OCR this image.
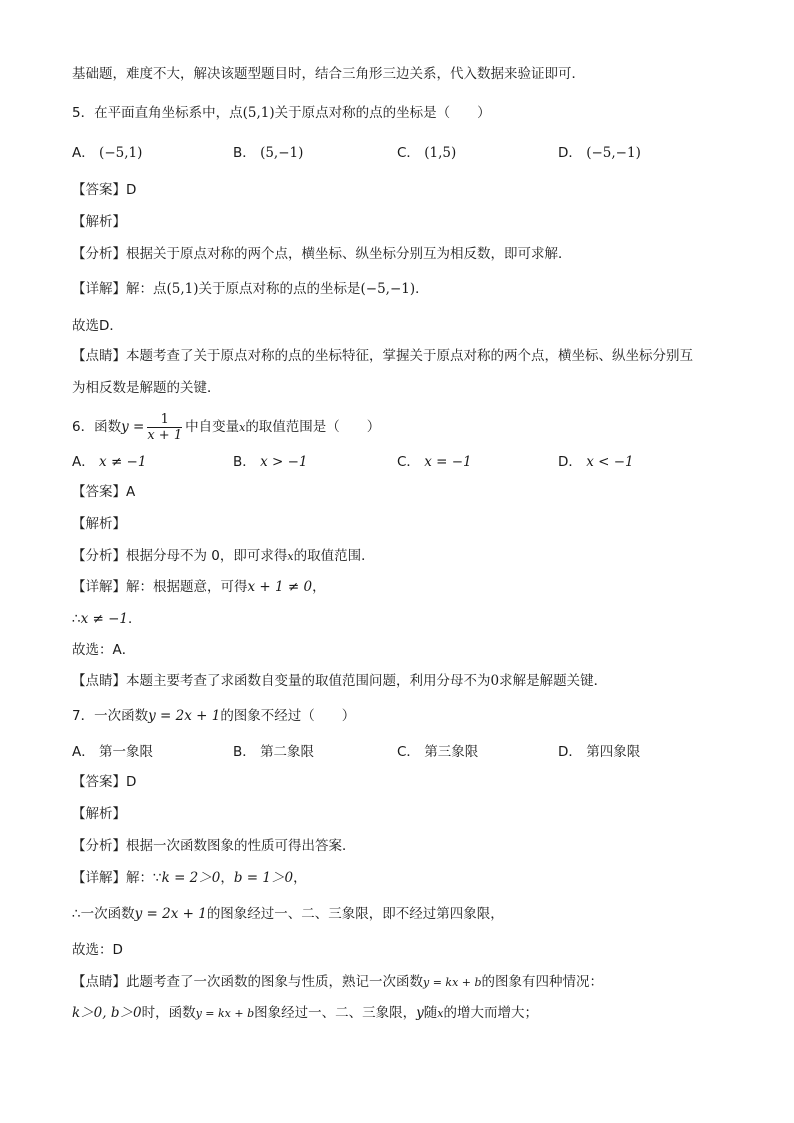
基础题，难度不大，解决该题型题目时，结合三角形三边关系，代入数据来验证即可．
5．在平面直角坐标系中，点(5,1)关于原点对称的点的坐标是（　　）
A． (−5,1)	B． (5,−1)	C． (1,5)	D． (−5,−1)
【答案】D
【解析】
【分析】根据关于原点对称的两个点，横坐标、纵坐标分别互为相反数，即可求解．
【详解】解：点(5,1)关于原点对称的点的坐标是(−5,−1)．
故选D．
【点睛】本题考查了关于原点对称的点的坐标特征，掌握关于原点对称的两个点，横坐标、纵坐标分别互
为相反数是解题的关键．
6．函数$y = \frac{1}{x + 1}$ 中自变量x的取值范围是（　　）
A． x ≠ −1	B． x > −1	C． x = −1	D． x < −1
【答案】A
【解析】
【分析】根据分母不为 0，即可求得x的取值范围．
【详解】解：根据题意，可得x + 1 ≠ 0，
∴x ≠ −1．
故选：A．
【点睛】本题主要考查了求函数自变量的取值范围问题，利用分母不为0求解是解题关键．
7．一次函数y = 2x + 1的图象不经过（　　）
A． 第一象限	B． 第二象限	C． 第三象限	D． 第四象限
【答案】D
【解析】
【分析】根据一次函数图象的性质可得出答案．
【详解】解：∵k = 2＞0，b = 1＞0，
∴一次函数y = 2x + 1的图象经过一、二、三象限，即不经过第四象限，
故选：D
【点睛】此题考查了一次函数的图象与性质，熟记一次函数y = kx + b的图象有四种情况：
k＞0, b＞0时，函数y = kx + b图象经过一、二、三象限，y随x的增大而增大；
